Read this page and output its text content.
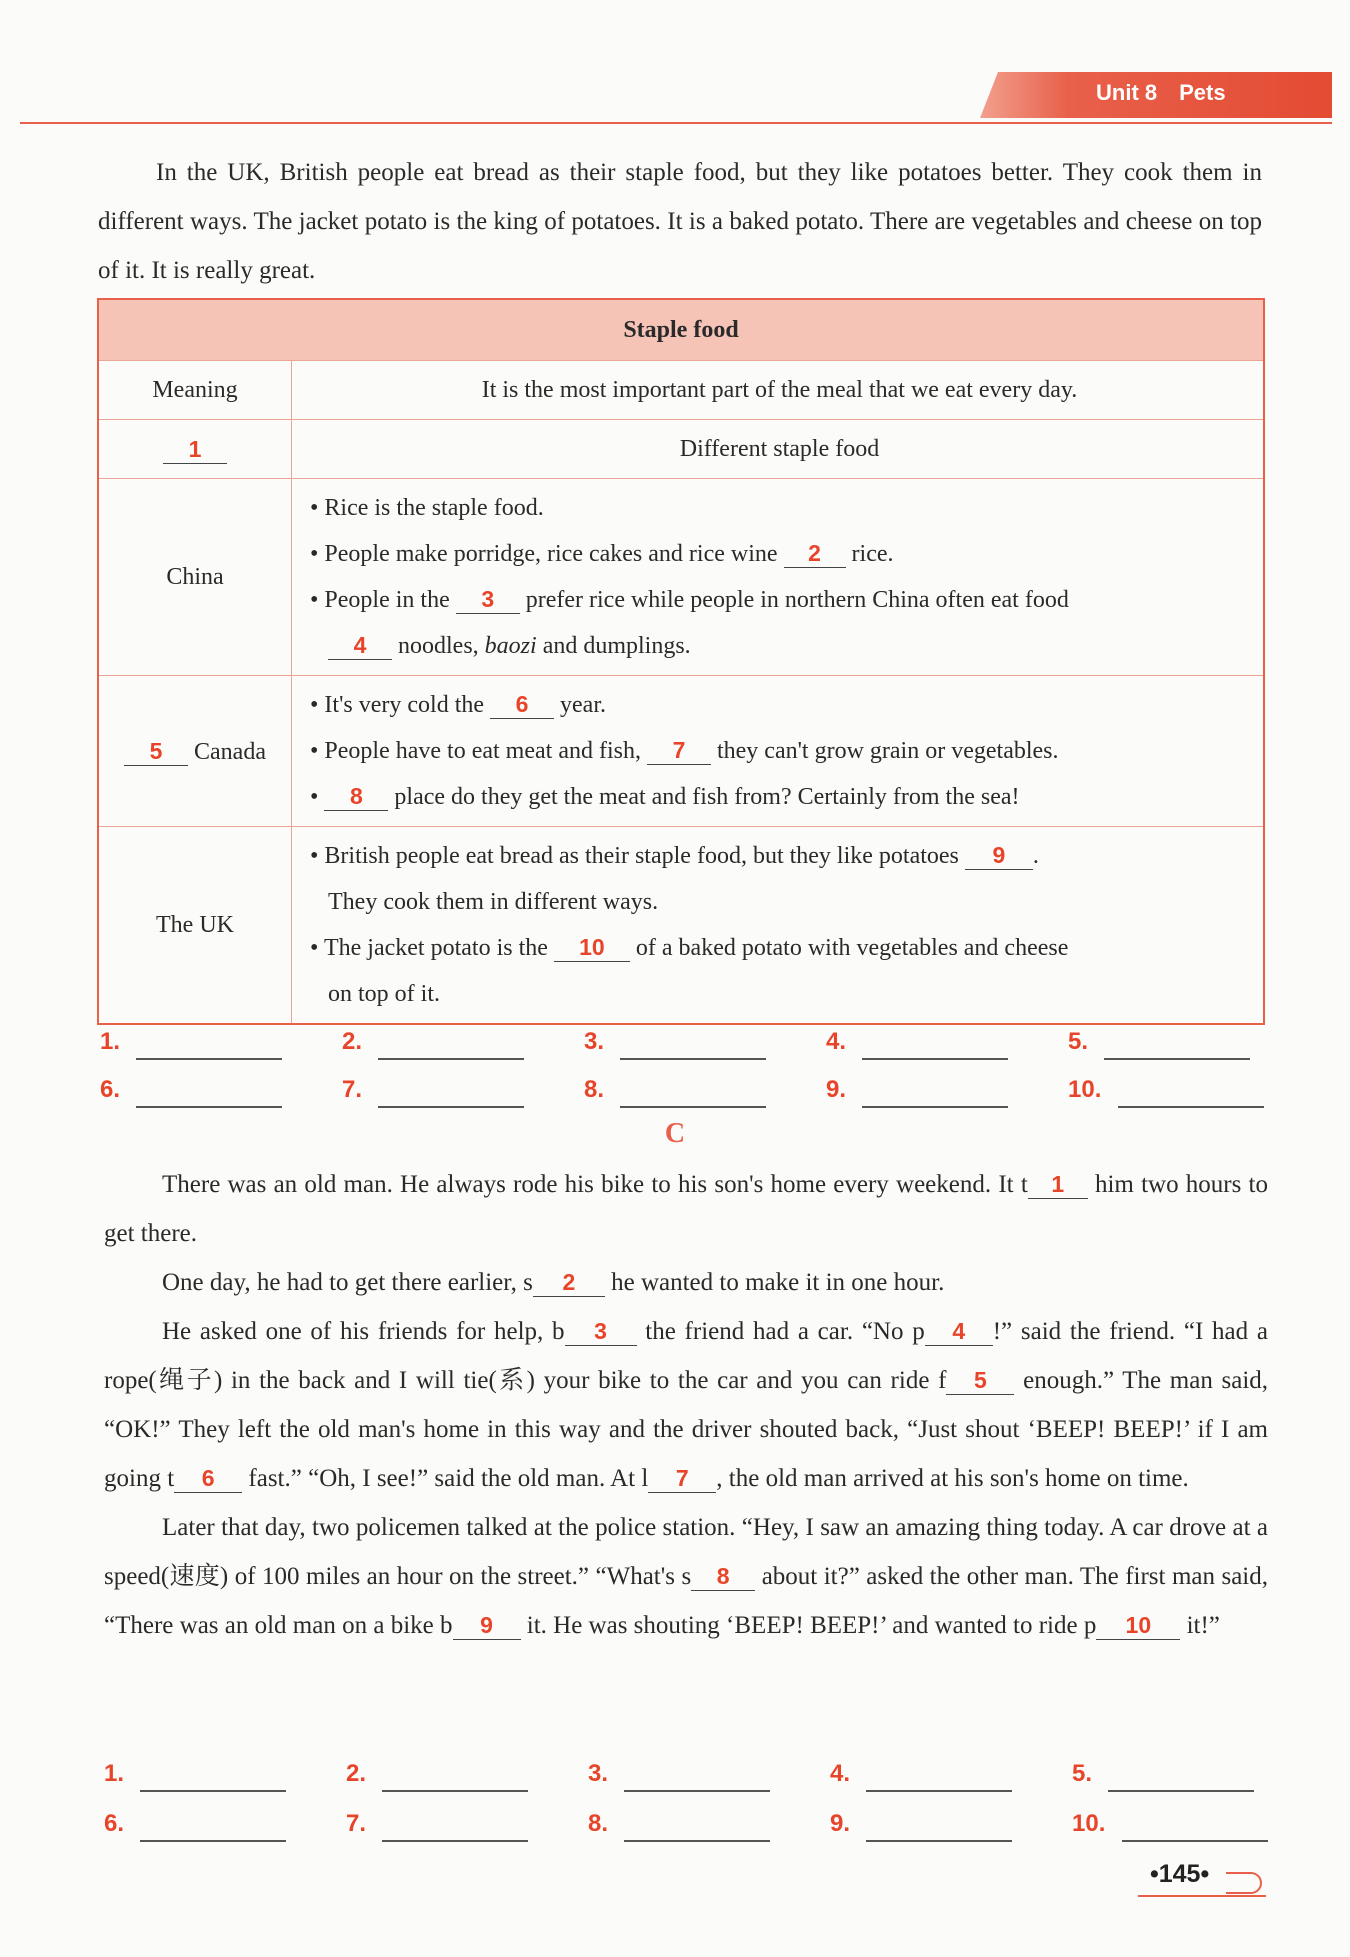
Unit 8 Pets
In the UK, British people eat bread as their staple food, but they like potatoes better. They cook them in different ways. The jacket potato is the king of potatoes. It is a baked potato. There are vegetables and cheese on top of it. It is really great.
Staple food	
Meaning	It is the most important part of the meal that we eat every day.
1	Different staple food
China	• Rice is the staple food.
• People make porridge, rice cakes and rice wine 2 rice.
• People in the 3 prefer rice while people in northern China often eat food
4 noodles, baozi and dumplings.

5 Canada	• It's very cold the 6 year.
• People have to eat meat and fish, 7 they can't grow grain or vegetables.
• 8 place do they get the meat and fish from? Certainly from the sea!

The UK	• British people eat bread as their staple food, but they like potatoes 9 .
They cook them in different ways.
• The jacket potato is the 10 of a baked potato with vegetables and cheese
on top of it.
1.	2.	3.	4.	5.
6.	7.	8.	9.	10.
C
There was an old man. He always rode his bike to his son's home every weekend. It t 1 him two hours to get there.
One day, he had to get there earlier, s 2 he wanted to make it in one hour.
He asked one of his friends for help, b 3 the friend had a car. “No p 4 !” said the friend. “I had a rope(绳子) in the back and I will tie(系) your bike to the car and you can ride f 5 enough.” The man said, “OK!” They left the old man's home in this way and the driver shouted back, “Just shout ‘BEEP! BEEP!’ if I am going t 6 fast.” “Oh, I see!” said the old man. At l 7 , the old man arrived at his son's home on time.
Later that day, two policemen talked at the police station. “Hey, I saw an amazing thing today. A car drove at a speed(速度) of 100 miles an hour on the street.” “What's s 8 about it?” asked the other man. The first man said, “There was an old man on a bike b 9 it. He was shouting ‘BEEP! BEEP!’ and wanted to ride p 10 it!”
1.	2.	3.	4.	5.
6.	7.	8.	9.	10.
•145•
